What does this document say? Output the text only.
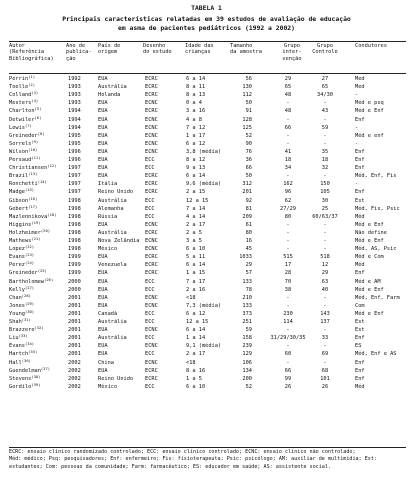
TABELA 1
Principais características relatadas em 39 estudos de avaliação de educação
em asma de pacientes pediátricos (1992 a 2002)
Autor
(Referência
Bibliográfica)
Ano de
publica-
ção
País de
origem
Desenho
do estudo
Idade das
crianças
Tamanho
da amostra
Grupo
inter-
venção
Grupo
Controle
Condutores
Perrin$^{(1)}$	1992	EUA	ECRC	6 a 14	56	29	27	Med
Toelle$^{(2)}$	1993	Austrália	ECRC	8 a 11	130	65	65	Med
Colland$^{(3)}$	1993	Holanda	ECRC	8 a 13	112	48	34/30	-
Mesters$^{(4)}$	1993	EUA	ECNC	0 a 4	50	-	-	Méd e psq
Charlton$^{(5)}$	1994	EUA	ECRC	3 a 16	91	48	43	Méd e Enf
Detwiler$^{(6)}$	1994	EUA	ECNC	4 a 8	128	-	-	Enf
Lewis$^{(7)}$	1994	EUA	ECNC	7 a 12	125	66	59	-
Greineder$^{(8)}$	1995	EUA	ECNC	1 a 17	52	-	-	Méd e enf
Sorrels$^{(9)}$	1995	EUA	ECNC	6 a 12	90	-	-	-
Wilson$^{(10)}$	1996	EUA	ECNC	3,8 (média)	76	41	35	Enf
Persaud$^{(11)}$	1996	EUA	ECC	8 a 12	36	18	18	Enf
Christiansen$^{(12)}$	1997	EUA	ECC	9 a 13	66	34	32	Enf
Brazil$^{(13)}$	1997	EUA	ECRC	6 a 14	50	-	-	Méd, Enf, Fis
Ronchetti$^{(14)}$	1997	Itália	ECRC	9,6 (média)	312	162	150	-
Madge$^{(15)}$	1997	Reino Unido	ECRC	2 a 15	201	96	105	Enf
Gibson$^{(16)}$	1998	Austrália	ECC	12 a 15	92	62	30	Est
Gebert$^{(17)}$	1998	Alemanha	ECC	7 a 14	81	27/29	25	Méd, Fis, Psic
Mazlennikova$^{(18)}$	1998	Rússia	ECC	4 a 14	209	80	60/63/37	Méd
Higgins$^{(19)}$	1998	EUA	ECNC	2 a 17	61	-	-	Méd e Enf
Holzheimer$^{(20)}$	1998	Austrália	ECRC	2 a 5	80	-	-	Não define
Mathews$^{(21)}$	1998	Nova Zelândia	ECNC	3 a 5	16	-	-	Méd e Enf
Lopez$^{(22)}$	1998	México	ECNC	6 a 10	45	-	-	Méd, AS, Psic
Evans$^{(23)}$	1999	EUA	ECRC	5 a 11	1033	515	518	Méd e Com
Perez$^{(24)}$	1999	Venezuela	ECRC	6 a 14	29	17	12	Méd
Greineder$^{(25)}$	1999	EUA	ECRC	1 a 15	57	28	29	Enf
Bartholomew$^{(26)}$	2000	EUA	ECC	7 a 17	133	70	63	Méd e AM
Kelly$^{(27)}$	2000	EUA	ECC	2 a 16	78	38	40	Méd e Enf
Chan$^{(28)}$	2001	EUA	ECNC	<18	210	-	-	Méd, Enf, Farm
Jones$^{(29)}$	2001	EUA	ECNC	7,3 (média)	133	-	-	Com
Young$^{(30)}$	2001	Canadá	ECC	6 a 12	373	230	143	Méd e Enf
Shah$^{(31)}$	2001	Austrália	ECC	12 a 15	251	114	137	Est
Brazzere$^{(32)}$	2001	EUA	ECNC	6 a 14	59	-	-	Est
Liu$^{(33)}$	2001	Austrália	ECC	1 a 14	158	31/29/30/35	33	Enf
Evans$^{(34)}$	2001	EUA	ECNC	9,1 (média)	239	-	-	ES
Hartch$^{(35)}$	2001	EUA	ECC	2 a 17	129	60	69	Méd, Enf e AS
Hall$^{(36)}$	2002	China	ECNC	<18	106	-	-	Enf
Guendelman$^{(37)}$	2002	EUA	ECRC	8 a 16	134	66	68	Enf
Stevens$^{(38)}$	2002	Reino Unido	ECRC	1 a 5	200	99	101	Enf
Gordilo$^{(39)}$	2002	México	ECC	6 a 10	52	26	26	Méd
ECRC: ensaio clínico randomizado controlado; ECC: ensaio clínico controlado; ECNC: ensaio clínico não controlado;
Méd: médico; Psq: pesquisadores; Enf: enfermeiro; Fis: fisioterapeuta; Psic: psicólogo; AM: auxiliar de multimídia; Est:
estudantes; Com: pessoas da comunidade; Farm: farmacêutico; ES: educador em saúde; AS: assistente social.
